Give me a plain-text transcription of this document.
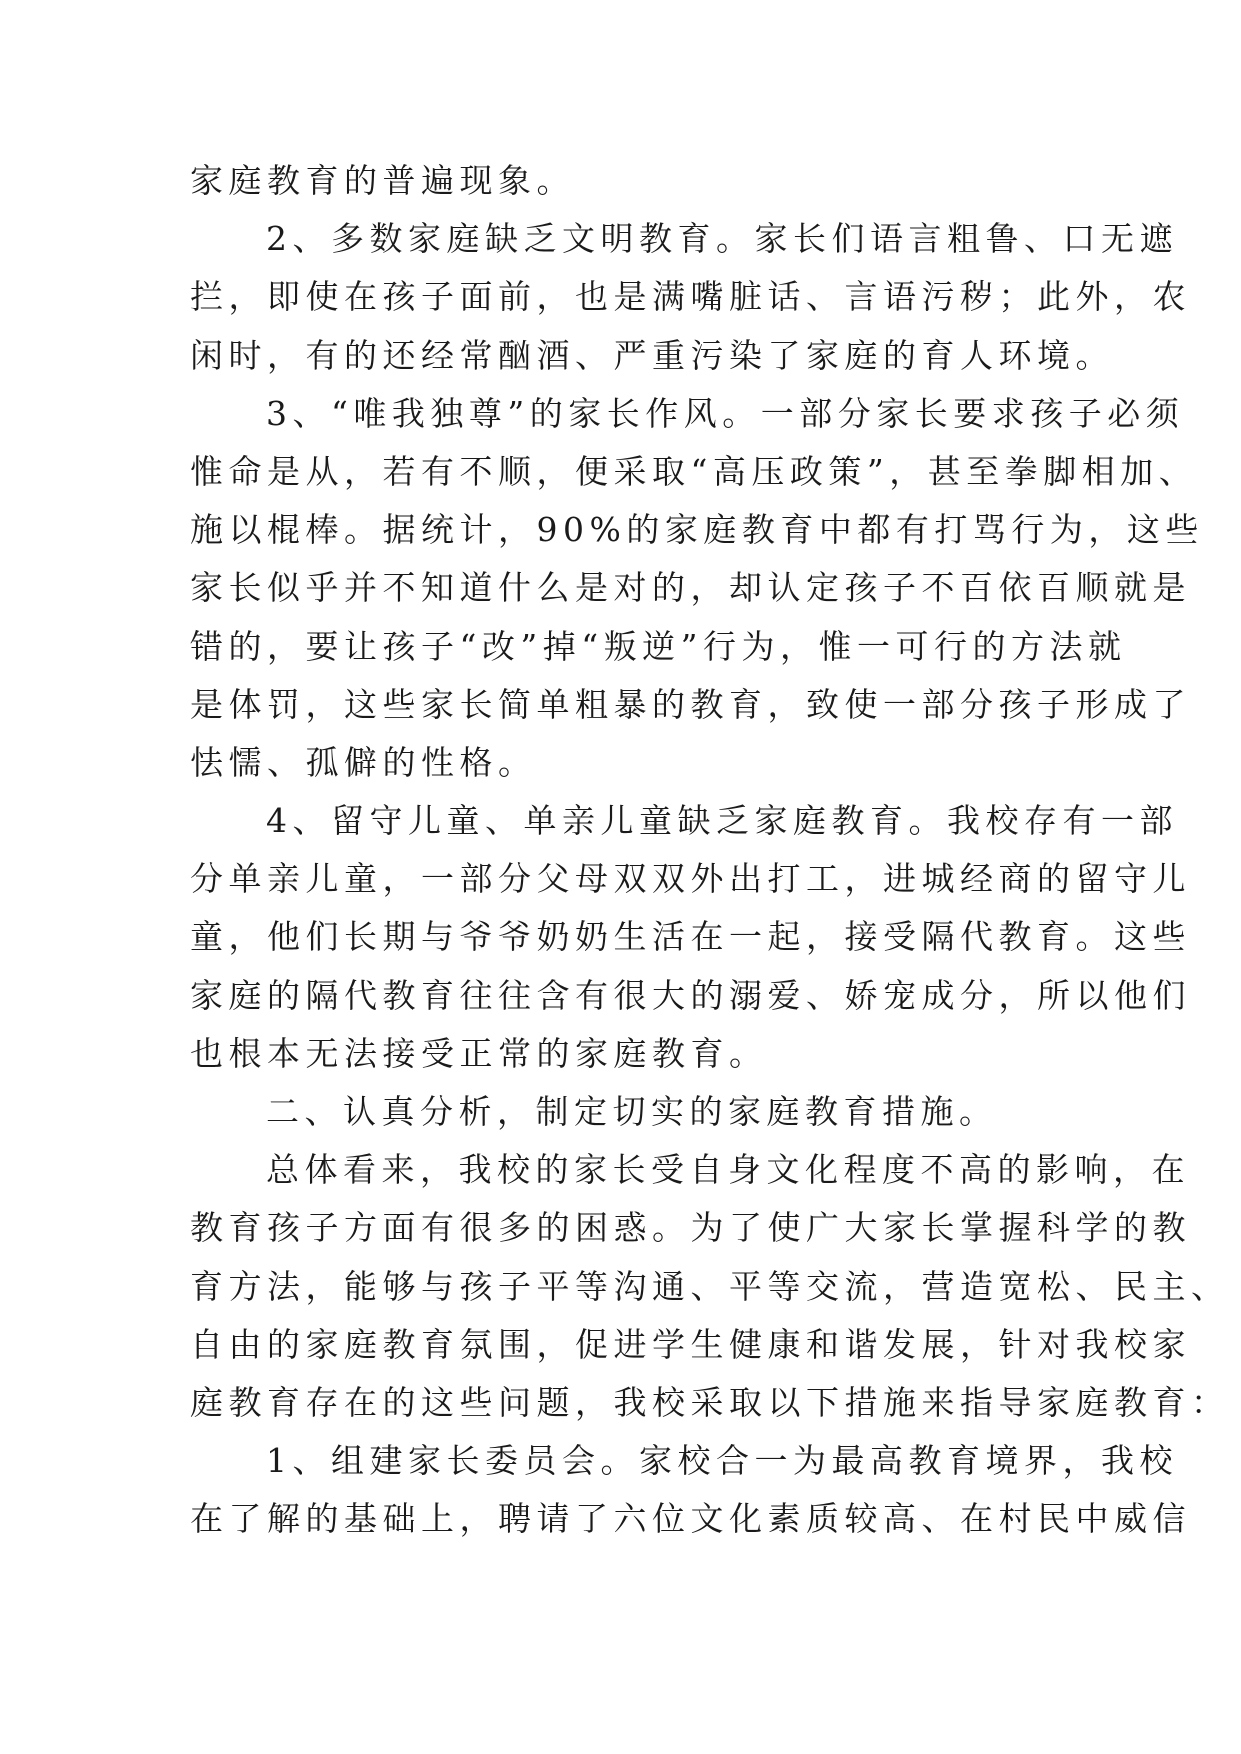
家庭教育的普遍现象。
2、多数家庭缺乏文明教育。家长们语言粗鲁、口无遮
拦，即使在孩子面前，也是满嘴脏话、言语污秽；此外，农
闲时，有的还经常酗酒、严重污染了家庭的育人环境。
3、“唯我独尊”的家长作风。一部分家长要求孩子必须
惟命是从，若有不顺，便采取“高压政策”，甚至拳脚相加、
施以棍棒。据统计，90%的家庭教育中都有打骂行为，这些
家长似乎并不知道什么是对的，却认定孩子不百依百顺就是
错的，要让孩子“改”掉“叛逆”行为，惟一可行的方法就
是体罚，这些家长简单粗暴的教育，致使一部分孩子形成了
怯懦、孤僻的性格。
4、留守儿童、单亲儿童缺乏家庭教育。我校存有一部
分单亲儿童，一部分父母双双外出打工，进城经商的留守儿
童，他们长期与爷爷奶奶生活在一起，接受隔代教育。这些
家庭的隔代教育往往含有很大的溺爱、娇宠成分，所以他们
也根本无法接受正常的家庭教育。
二、认真分析，制定切实的家庭教育措施。
总体看来，我校的家长受自身文化程度不高的影响，在
教育孩子方面有很多的困惑。为了使广大家长掌握科学的教
育方法，能够与孩子平等沟通、平等交流，营造宽松、民主、
自由的家庭教育氛围，促进学生健康和谐发展，针对我校家
庭教育存在的这些问题，我校采取以下措施来指导家庭教育：
1、组建家长委员会。家校合一为最高教育境界，我校
在了解的基础上，聘请了六位文化素质较高、在村民中威信
